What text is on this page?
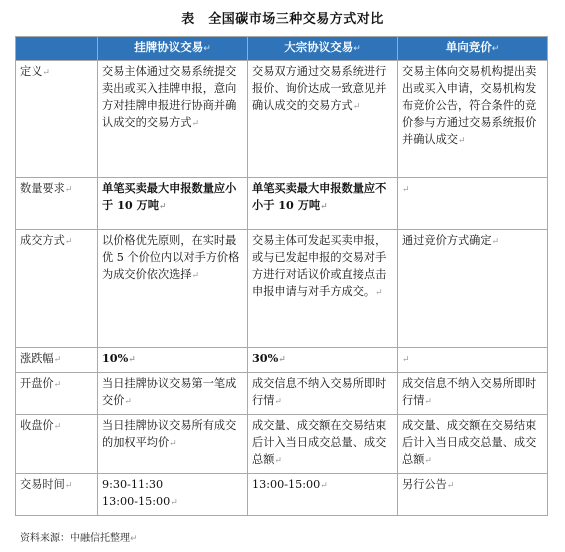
表　全国碳市场三种交易方式对比
	挂牌协议交易↵	大宗协议交易↵	单向竞价↵
定义↵	交易主体通过交易系统提交卖出或买入挂牌申报，意向方对挂牌申报进行协商并确认成交的交易方式↵	交易双方通过交易系统进行报价、询价达成一致意见并确认成交的交易方式↵	交易主体向交易机构提出卖出或买入申请，交易机构发布竞价公告，符合条件的竞价参与方通过交易系统报价并确认成交↵
数量要求↵	单笔买卖最大申报数量应小于 10 万吨↵	单笔买卖最大申报数量应不小于 10 万吨↵	↵
成交方式↵	以价格优先原则，在实时最优 5 个价位内以对手方价格为成交价依次选择↵	交易主体可发起买卖申报，或与已发起申报的交易对手方进行对话议价或直接点击申报申请与对手方成交。↵	通过竞价方式确定↵
涨跌幅↵	10%↵	30%↵	↵
开盘价↵	当日挂牌协议交易第一笔成交价↵	成交信息不纳入交易所即时行情↵	成交信息不纳入交易所即时行情↵
收盘价↵	当日挂牌协议交易所有成交的加权平均价↵	成交量、成交额在交易结束后计入当日成交总量、成交总额↵	成交量、成交额在交易结束后计入当日成交总量、成交总额↵
交易时间↵	9:30-11:30
13:00-15:00↵	13:00-15:00↵	另行公告↵
资料来源：中融信托整理↵
